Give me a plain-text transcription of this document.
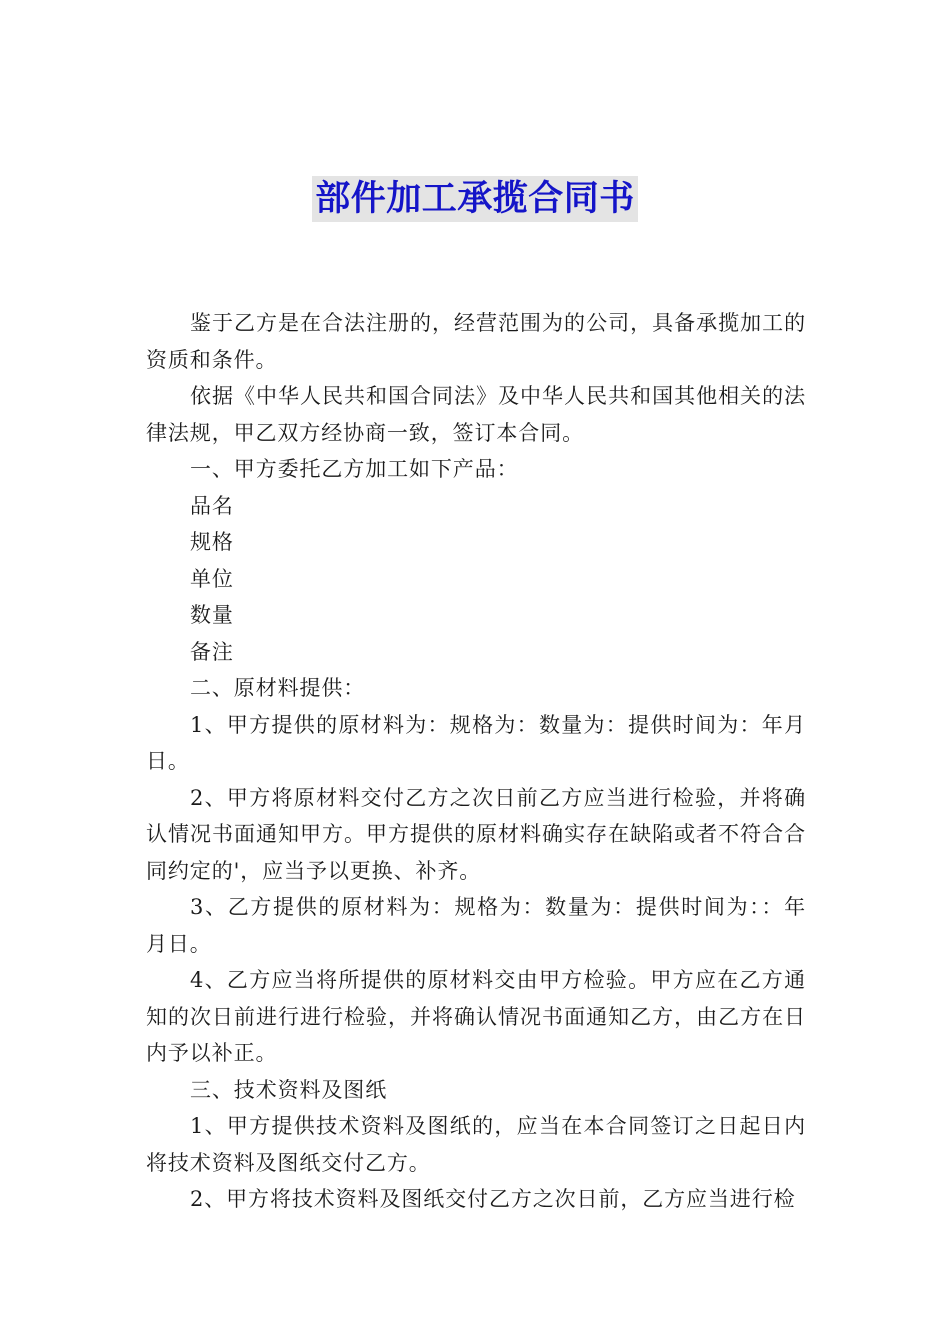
部件加工承揽合同书

鉴于乙方是在合法注册的，经营范围为的公司，具备承揽加工的资质和条件。

依据《中华人民共和国合同法》及中华人民共和国其他相关的法律法规，甲乙双方经协商一致，签订本合同。

一、甲方委托乙方加工如下产品：

品名

规格

单位

数量

备注

二、原材料提供：

1、甲方提供的原材料为：规格为：数量为：提供时间为：年月日。

2、甲方将原材料交付乙方之次日前乙方应当进行检验，并将确认情况书面通知甲方。甲方提供的原材料确实存在缺陷或者不符合合同约定的'，应当予以更换、补齐。

3、乙方提供的原材料为：规格为：数量为：提供时间为：：年月日。

4、乙方应当将所提供的原材料交由甲方检验。甲方应在乙方通知的次日前进行进行检验，并将确认情况书面通知乙方，由乙方在日内予以补正。

三、技术资料及图纸

1、甲方提供技术资料及图纸的，应当在本合同签订之日起日内将技术资料及图纸交付乙方。

2、甲方将技术资料及图纸交付乙方之次日前，乙方应当进行检
